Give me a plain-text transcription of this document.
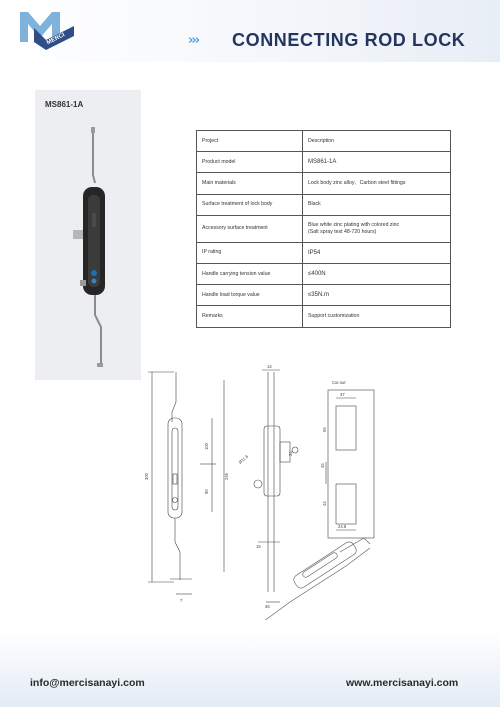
MERCI	››› CONNECTING ROD LOCK
MS861-1A
Project	Description
Product model	MS861-1A
Main materials	Lock body zinc alloy、Carbon steel fittings
Surface treatment of lock body	Black
Accessory surface treatment	Blue white zinc plating with colored zinc
(Salt spray test 48-720 hours)

IP rating	IP54
Handle carrying tension value	≤400N
Handle load torque value	≤35N.m
Remarks	Support customization
300	246
100
90
7
14
34
Ø11.8
15
36
Cut out
37
55
45
44
24.8
info@mercisanayi.com	www.mercisanayi.com
